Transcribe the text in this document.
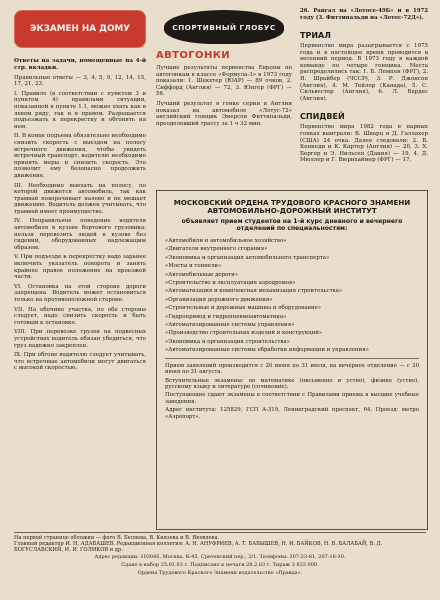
ЭКЗАМЕН НА ДОМУ

Ответы на задачи, помещенные на 4-й стр. вкладки.

Правильные ответы — 3, 4, 5, 9, 12, 14, 15, 17, 21, 23.

I. Правило (в соответствии с пунктом 3 и пунктом 4) правилами ситуации, показанной в пункте 1.1, можно ехать как в левом ряду, так и в правом. Разрешается подъезжать к перекрестку и обгонять на нем.

II. В конце подъема обязательно необходимо снизить скорость с выездом на полосу встречного движения, чтобы увидеть встречный транспорт, водителю необходимо принять меры и снизить скорость. Это позволит ему безопасно продолжить движение.

III. Необходимо выехать на полосу, по которой движется автомобиль, так как трамвай поворачивает налево и не мешает движению. Водитель должен учитывать, что трамвай имеет преимущество.

IV. Неправильное поведение водителя автомобиля в кузове бортового грузовика: нельзя перевозить людей в кузове без сидений, оборудованных надлежащим образом.

V. При подъезде к перекрестку надо заранее включить указатель поворота и занять крайнее правое положение на проезжей части.

VI. Остановка на этой стороне дороги запрещена. Водитель может остановиться только на противоположной стороне.

VII. На обочине участка, по обе стороны следует, надо снизить скорость и быть готовым к остановке.

VIII. При перевозке грузов на подвесных устройствах водитель обязан убедиться, что груз надежно закреплен.

IX. При обгоне водителю следует учитывать, что встречные автомобили могут двигаться с высокой скоростью.

СПОРТИВНЫЙ ГЛОБУС
АВТОГОНКИ

Лучшие результаты первенства Европы по автогонкам в классе «Формула-3» в 1973 году показали: 1. Шекхтер (ЮАР) — 89 очков, 2. Сиффорд (Англия) — 72, 3. Юнгер (ФРГ) — 56.

Лучший результат в гонке серии в Англии показал на автомобиле «Лотус-72» английский гонщик Эмерсон Фиттипальди, преодолевший трассу за 1 ч 32 мин.

26. Рангал на «Лотосе-49Б» и в 1972 году (3. Фиттипальди на «Лотос-72Д»).

ТРИАЛ

Первенство мира разыгрывается с 1975 года и в настоящее время проводится в весенний период. В 1973 году в каждой команде по четыре гонщика. Места распределились так: 1. Б. Лемпен (ФРГ), 2. Я. Шрайбер (ЧССР), 3. Р. Джонсон (Англия), 4. М. Тейлор (Канада), 5. С. Сильвестер (Англия), 6. Л. Вардес (Англия).

СПИДВЕЙ

Первенство мира 1982 года в парных гонках выиграли: В. Шварц и Д. Галлахер (США) 24 очка. Далее следовали: 2. Б. Кеннеди и К. Картер (Англия) — 20, 3. Х. Бергер и Э. Нильсен (Дания) — 19, 4. Д. Мюллер и Г. Вюрнхаймер (ФРГ) — 17.

МОСКОВСКИЙ ОРДЕНА ТРУДОВОГО КРАСНОГО ЗНАМЕНИ АВТОМОБИЛЬНО-ДОРОЖНЫЙ ИНСТИТУТ
объявляет прием студентов на 1-й курс дневного и вечернего отделений по специальностям:

«Автомобили и автомобильное хозяйство»

«Двигатели внутреннего сгорания»

«Экономика и организация автомобильного транспорта»

«Мосты и тоннели»

«Автомобильные дороги»

«Строительство и эксплуатация аэродромов»

«Автоматизация и комплексная механизация строительства»

«Организация дорожного движения»

«Строительные и дорожные машины и оборудование»

«Гидропривод и гидропневмоавтоматика»

«Автоматизированные системы управления»

«Производство строительных изделий и конструкций»

«Экономика и организация строительства»

«Автоматизированные системы обработки информации и управления»

Прием заявлений производится с 20 июня по 31 июля, на вечернее отделение — с 20 июня по 31 августа.

Вступительные экзамены: по математике (письменно и устно), физике (устно), русскому языку и литературе (сочинение).

Поступающие сдают экзамены в соответствии с Правилами приема в высшие учебные заведения.

Адрес института: 125829, ГСП А-319, Ленинградский проспект, 64. Проезд: метро «Аэропорт».

На первой странице обложки — фото В. Беляева, В. Князева и В. Яковлева.
Главный редактор И. Н. АДАБАШЕВ. Редакционная коллегия: А. Н. АНУФРИЕВ, А. Т. БАБЫШЕВ, Н. И. БАЙКОВ, Н. В. БАЛАБАЙ, В. Д. БОГУСЛАВСКИЙ, И. И. ГОЛИКОВ и др.
Адрес редакции: 103045, Москва, К-45, Сретенский пер., 2/1. Телефоны: 207-23-81, 207-16-30.
Сдано в набор 25.01.83 г. Подписано к печати 28.2.83 г. Тираж 3 833 000.
Ордена Трудового Красного Знамени издательство «Правда».
